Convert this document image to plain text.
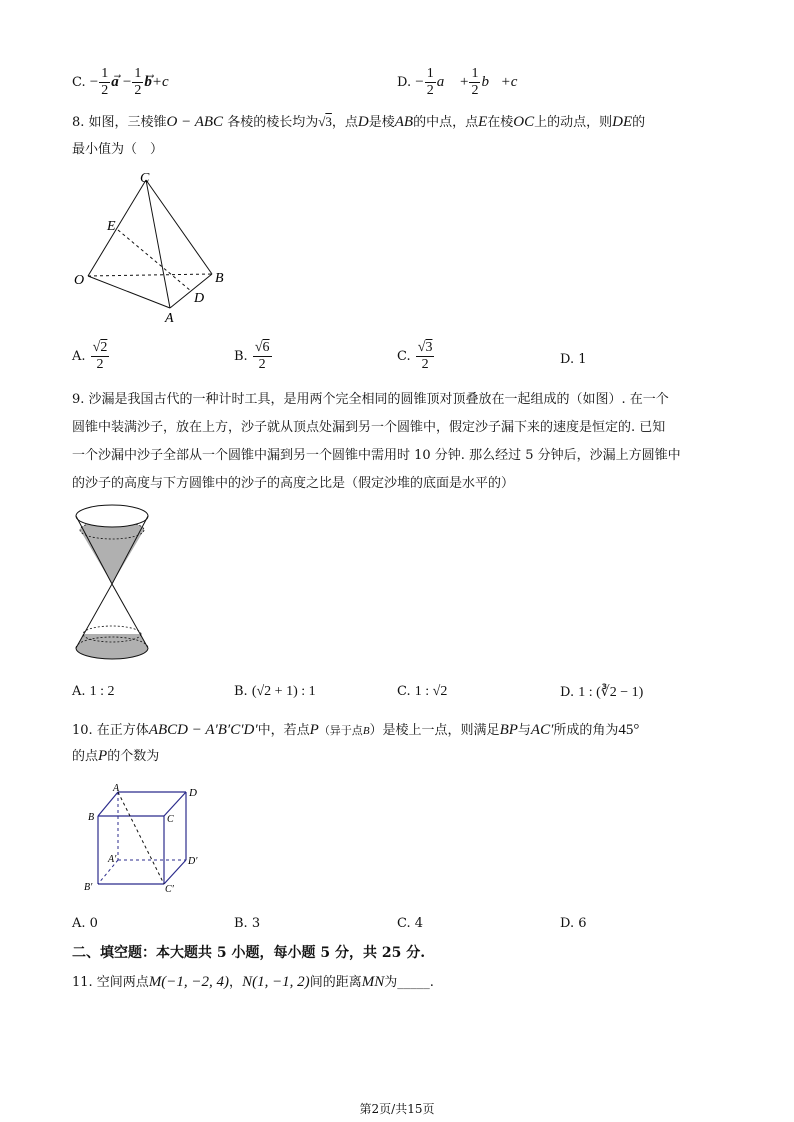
C. − $\frac{1}{2}$ $a - \frac{1}{2} b+c$	D. − $\frac{1}{2}$ a⃗ + $\frac{1}{2}$ b⃗+c
8. 如图，三棱锥O − ABC 各棱的棱长均为√3，点D是棱AB的中点，点E在棱OC上的动点，则DE的
最小值为（　）
C
E
O	B
D
A
A. $\frac{√2}{2}$	B. $\frac{√6}{2}$	C. $\frac{√3}{2}$	D. 1
9. 沙漏是我国古代的一种计时工具，是用两个完全相同的圆锥顶对顶叠放在一起组成的（如图）. 在一个
圆锥中装满沙子，放在上方，沙子就从顶点处漏到另一个圆锥中，假定沙子漏下来的速度是恒定的. 已知
一个沙漏中沙子全部从一个圆锥中漏到另一个圆锥中需用时 10 分钟. 那么经过 5 分钟后，沙漏上方圆锥中
的沙子的高度与下方圆锥中的沙子的高度之比是（假定沙堆的底面是水平的）
A. 1 : 2	B. (√2 + 1) : 1	C. 1 : √2	D. 1 : (∛2 − 1)
10. 在正方体ABCD − A′B′C′D′中，若点P（异于点B）是棱上一点，则满足BP与AC′所成的角为45°
的点P的个数为
A	D
B	C
A′	D′
B′	C′
A. 0	B. 3	C. 4	D. 6
二、填空题：本大题共 5 小题，每小题 5 分，共 25 分.
11. 空间两点M(−1, −2, 4)，N(1, −1, 2)间的距离MN为_____.
第2页/共15页
